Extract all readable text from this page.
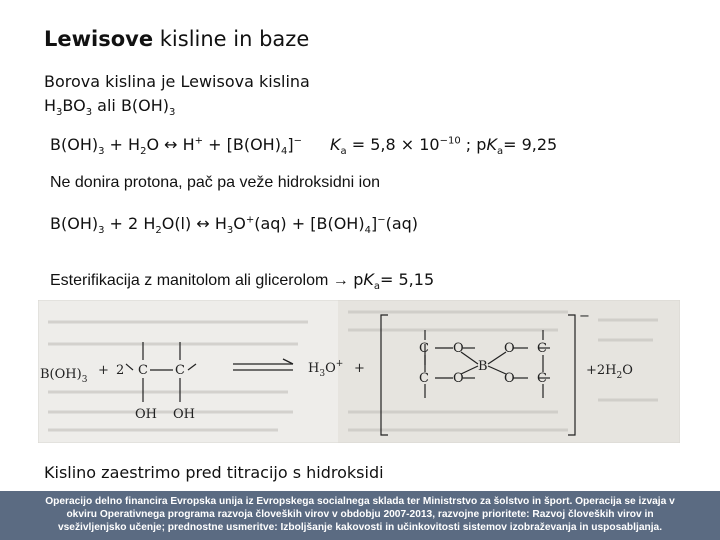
Lewisove kisline in baze
Borova kislina je Lewisova kislina
$H_3BO_3$ ali $B(OH)_3$
$B(OH)_3 + H_2O$ ↔ $H^+ + [B(OH)_4]^-$ $K_a = 5,8 \times 10^{-10}$ ; $pK_a= 9,25$
Ne donira protona, pač pa veže hidroksidni ion
$B(OH)_3 + 2$ $H_2O(l)$ ↔ $H_3O^+(aq) + [B(OH)_4]^-(aq)$
Esterifikacija z manitolom ali glicerolom → $pK_a= 5,15$
$B(OH)_3$
+ 2 C C
OH OH
$H_3O^+$ +
C
C
O
O
B
O
O
C
C
−
$+2H_2O$
Kislino zaestrimo pred titracijo s hidroksidi
Operacijo delno financira Evropska unija iz Evropskega socialnega sklada ter Ministrstvo za šolstvo in šport. Operacija se izvaja v
okviru Operativnega programa razvoja človeških virov v obdobju 2007-2013, razvojne prioritete: Razvoj človeških virov in
vseživljenjsko učenje; prednostne usmeritve: Izboljšanje kakovosti in učinkovitosti sistemov izobraževanja in usposabljanja.
